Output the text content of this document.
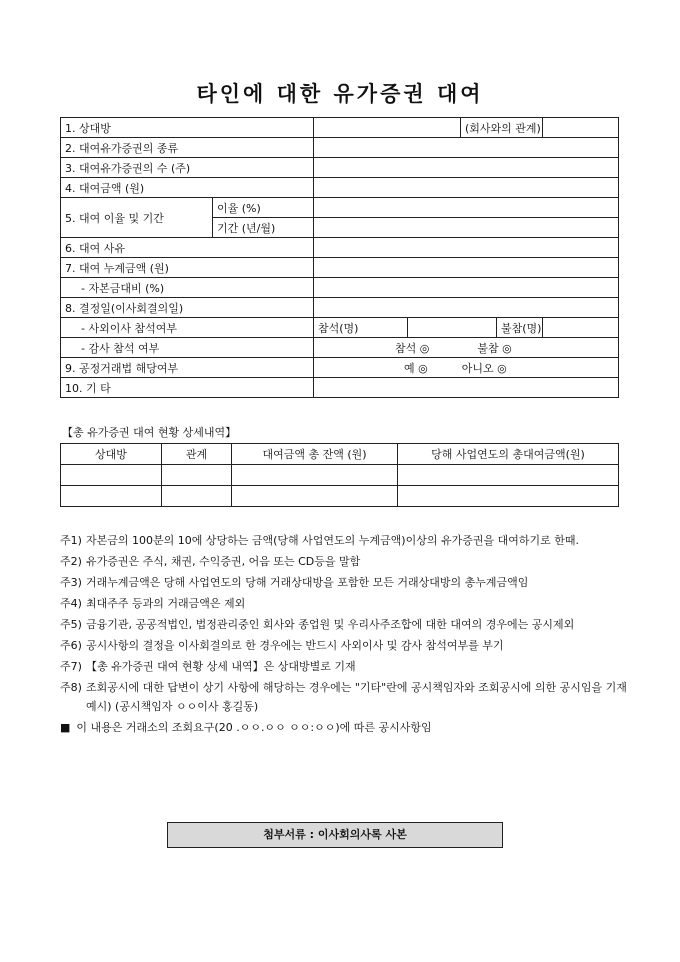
타인에 대한 유가증권 대여
1. 상대방				(회사와의 관계)		
2. 대여유가증권의 종류						
3. 대여유가증권의 수 (주)						
4. 대여금액 (원)						
5. 대여 이율 및 기간	이율 (%)					
	기간 (년/월)					
6. 대여 사유						
7. 대여 누계금액 (원)						
- 자본금대비 (%)						
8. 결정일(이사회결의일)						
- 사외이사 참석여부		참석(명)			불참(명)	
- 감사 참석 여부		참석 ◎ 불참 ◎				
9. 공정거래법 해당여부		예 ◎ 아니오 ◎				
10. 기 타						
【총 유가증권 대여 현황 상세내역】
상대방	관계	대여금액 총 잔액 (원)	당해 사업연도의 총대여금액(원)

주1) 자본금의 100분의 10에 상당하는 금액(당해 사업연도의 누계금액)이상의 유가증권을 대여하기로 한때.
주2) 유가증권은 주식, 채권, 수익증권, 어음 또는 CD등을 말함
주3) 거래누계금액은 당해 사업연도의 당해 거래상대방을 포함한 모든 거래상대방의 총누계금액임
주4) 최대주주 등과의 거래금액은 제외
주5) 금융기관, 공공적법인, 법정관리중인 회사와 종업원 및 우리사주조합에 대한 대여의 경우에는 공시제외
주6) 공시사항의 결정을 이사회결의로 한 경우에는 반드시 사외이사 및 감사 참석여부를 부기
주7) 【총 유가증권 대여 현황 상세 내역】은 상대방별로 기재
주8) 조회공시에 대한 답변이 상기 사항에 해당하는 경우에는 "기타"란에 공시책임자와 조회공시에 의한 공시임을 기재
예시) (공시책임자 ㅇㅇ이사 홍길동)
■ 이 내용은 거래소의 조회요구(20 .ㅇㅇ.ㅇㅇ ㅇㅇ:ㅇㅇ)에 따른 공시사항임
첨부서류 : 이사회의사록 사본
